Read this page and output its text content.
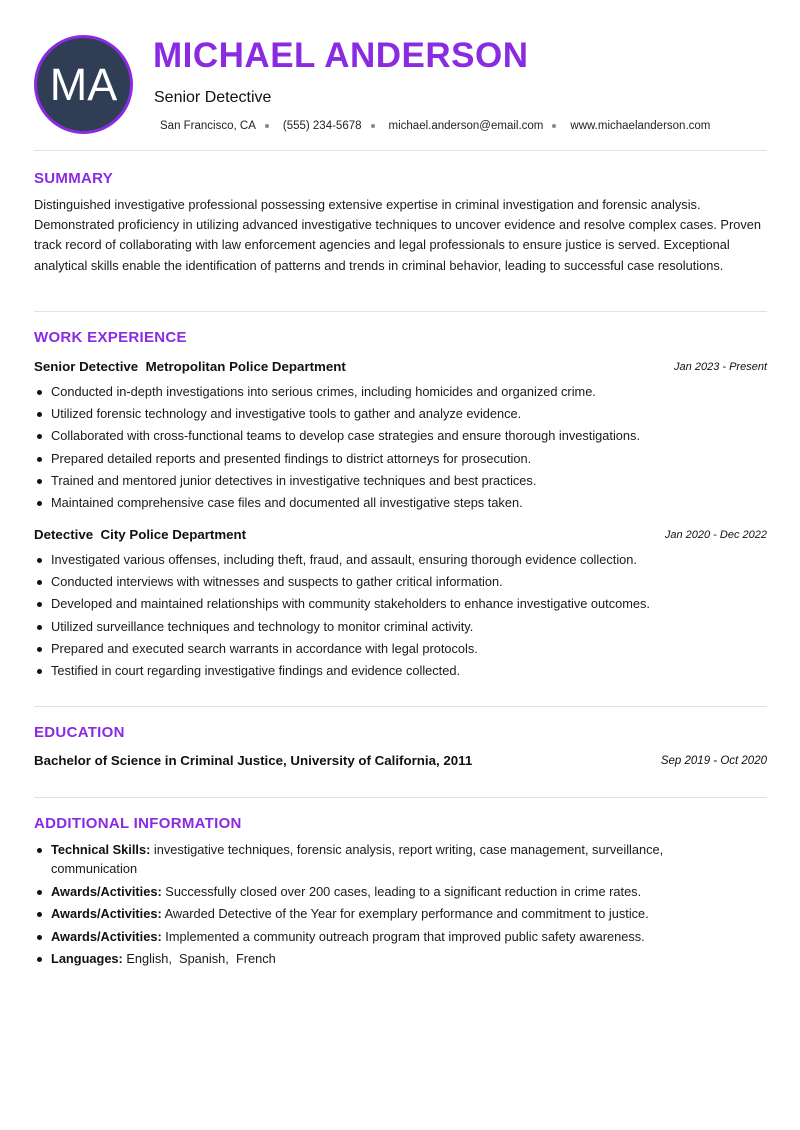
MA
MICHAEL ANDERSON
Senior Detective
San Francisco, CA (555) 234-5678 michael.anderson@email.com www.michaelanderson.com
SUMMARY
Distinguished investigative professional possessing extensive expertise in criminal investigation and forensic analysis. Demonstrated proficiency in utilizing advanced investigative techniques to uncover evidence and resolve complex cases. Proven track record of collaborating with law enforcement agencies and legal professionals to ensure justice is served. Exceptional analytical skills enable the identification of patterns and trends in criminal behavior, leading to successful case resolutions.
WORK EXPERIENCE
Senior Detective Metropolitan Police Department	Jan 2023 - Present
Conducted in-depth investigations into serious crimes, including homicides and organized crime.
Utilized forensic technology and investigative tools to gather and analyze evidence.
Collaborated with cross-functional teams to develop case strategies and ensure thorough investigations.
Prepared detailed reports and presented findings to district attorneys for prosecution.
Trained and mentored junior detectives in investigative techniques and best practices.
Maintained comprehensive case files and documented all investigative steps taken.
Detective City Police Department	Jan 2020 - Dec 2022
Investigated various offenses, including theft, fraud, and assault, ensuring thorough evidence collection.
Conducted interviews with witnesses and suspects to gather critical information.
Developed and maintained relationships with community stakeholders to enhance investigative outcomes.
Utilized surveillance techniques and technology to monitor criminal activity.
Prepared and executed search warrants in accordance with legal protocols.
Testified in court regarding investigative findings and evidence collected.
EDUCATION
Bachelor of Science in Criminal Justice, University of California, 2011	Sep 2019 - Oct 2020
ADDITIONAL INFORMATION
Technical Skills: investigative techniques, forensic analysis, report writing, case management, surveillance, communication
Awards/Activities: Successfully closed over 200 cases, leading to a significant reduction in crime rates.
Awards/Activities: Awarded Detective of the Year for exemplary performance and commitment to justice.
Awards/Activities: Implemented a community outreach program that improved public safety awareness.
Languages: English,  Spanish,  French
